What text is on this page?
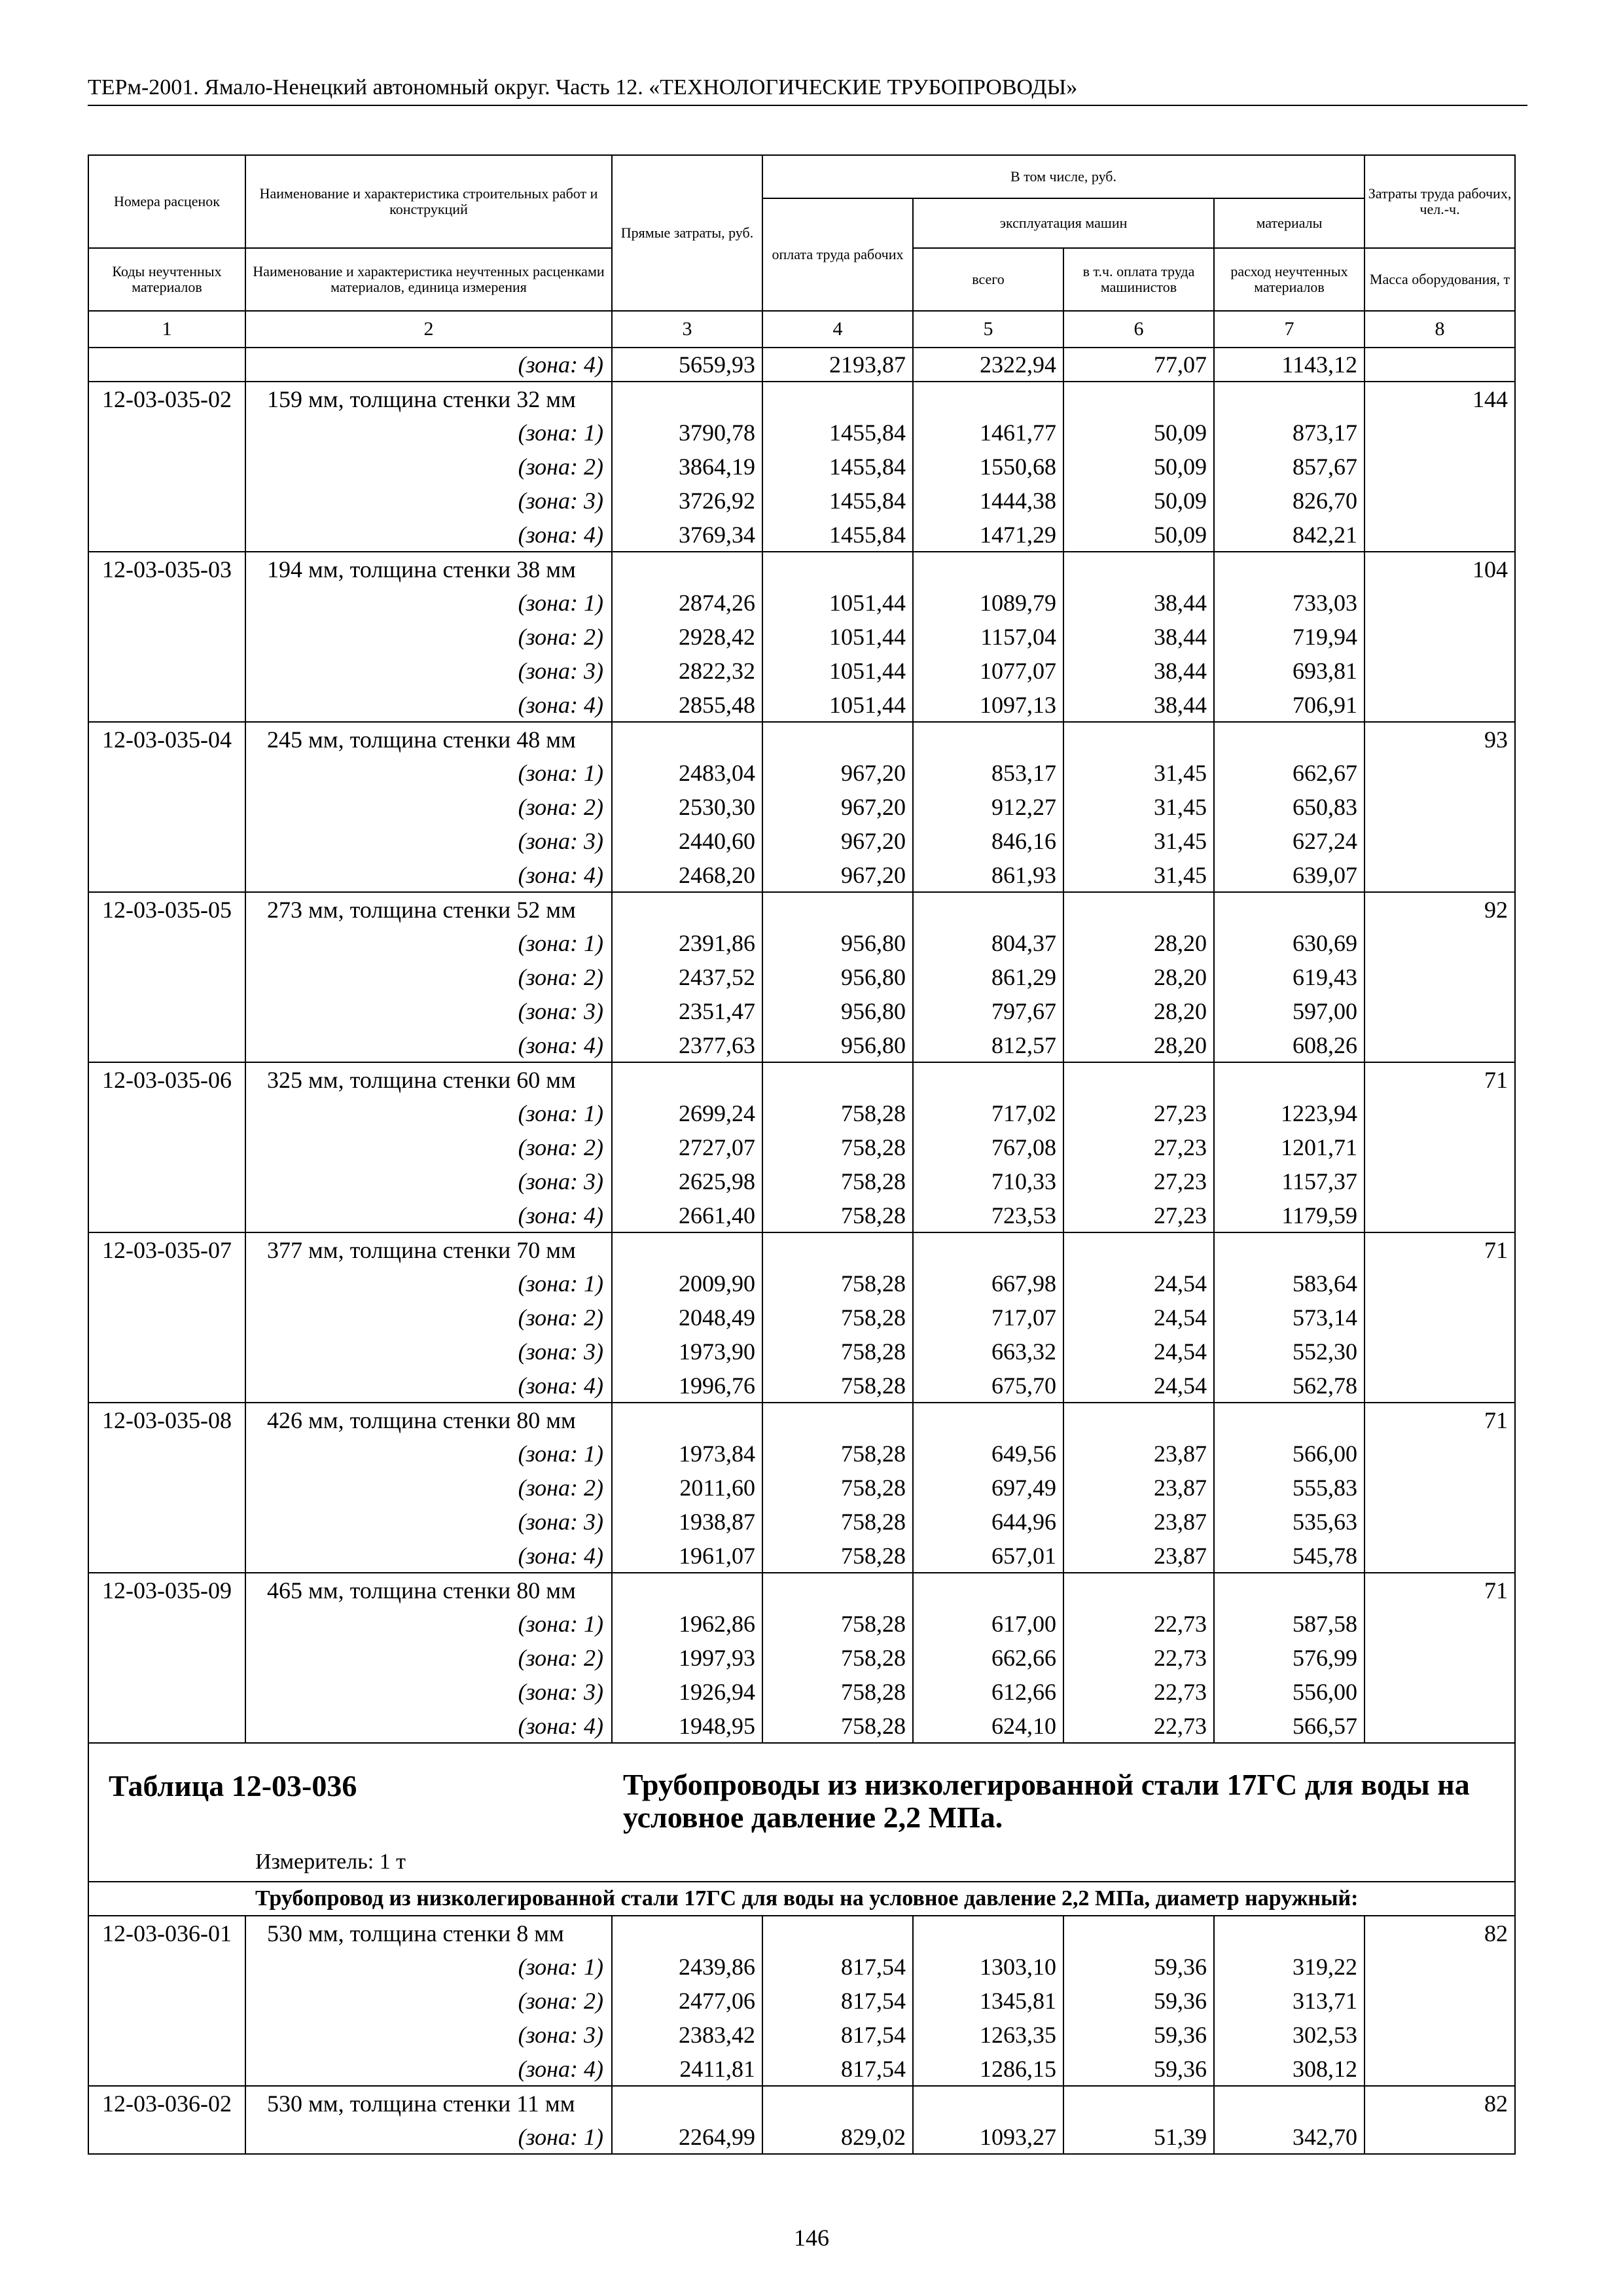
ТЕРм-2001. Ямало-Ненецкий автономный округ. Часть 12. «ТЕХНОЛОГИЧЕСКИЕ ТРУБОПРОВОДЫ»
Номера расценок	Наименование и характеристика строительных работ и конструкций	Прямые затраты, руб.	В том числе, руб.				Затраты труда рабочих, чел.-ч.
			оплата труда рабочих	эксплуатация машин		материалы	
Коды неучтенных материалов	Наименование и характеристика неучтенных расценками материалов, единица измерения			всего	в т.ч. оплата труда машинистов	расход неучтенных материалов	Масса оборудования, т
1	2	3	4	5	6	7	8
	(зона: 4)	5659,93	2193,87	2322,94	77,07	1143,12	
12-03-035-02	159 мм, толщина стенки 32 мм						144
	(зона: 1)	3790,78	1455,84	1461,77	50,09	873,17	
	(зона: 2)	3864,19	1455,84	1550,68	50,09	857,67	
	(зона: 3)	3726,92	1455,84	1444,38	50,09	826,70	
	(зона: 4)	3769,34	1455,84	1471,29	50,09	842,21	
12-03-035-03	194 мм, толщина стенки 38 мм						104
	(зона: 1)	2874,26	1051,44	1089,79	38,44	733,03	
	(зона: 2)	2928,42	1051,44	1157,04	38,44	719,94	
	(зона: 3)	2822,32	1051,44	1077,07	38,44	693,81	
	(зона: 4)	2855,48	1051,44	1097,13	38,44	706,91	
12-03-035-04	245 мм, толщина стенки 48 мм						93
	(зона: 1)	2483,04	967,20	853,17	31,45	662,67	
	(зона: 2)	2530,30	967,20	912,27	31,45	650,83	
	(зона: 3)	2440,60	967,20	846,16	31,45	627,24	
	(зона: 4)	2468,20	967,20	861,93	31,45	639,07	
12-03-035-05	273 мм, толщина стенки 52 мм						92
	(зона: 1)	2391,86	956,80	804,37	28,20	630,69	
	(зона: 2)	2437,52	956,80	861,29	28,20	619,43	
	(зона: 3)	2351,47	956,80	797,67	28,20	597,00	
	(зона: 4)	2377,63	956,80	812,57	28,20	608,26	
12-03-035-06	325 мм, толщина стенки 60 мм						71
	(зона: 1)	2699,24	758,28	717,02	27,23	1223,94	
	(зона: 2)	2727,07	758,28	767,08	27,23	1201,71	
	(зона: 3)	2625,98	758,28	710,33	27,23	1157,37	
	(зона: 4)	2661,40	758,28	723,53	27,23	1179,59	
12-03-035-07	377 мм, толщина стенки 70 мм						71
	(зона: 1)	2009,90	758,28	667,98	24,54	583,64	
	(зона: 2)	2048,49	758,28	717,07	24,54	573,14	
	(зона: 3)	1973,90	758,28	663,32	24,54	552,30	
	(зона: 4)	1996,76	758,28	675,70	24,54	562,78	
12-03-035-08	426 мм, толщина стенки 80 мм						71
	(зона: 1)	1973,84	758,28	649,56	23,87	566,00	
	(зона: 2)	2011,60	758,28	697,49	23,87	555,83	
	(зона: 3)	1938,87	758,28	644,96	23,87	535,63	
	(зона: 4)	1961,07	758,28	657,01	23,87	545,78	
12-03-035-09	465 мм, толщина стенки 80 мм						71
	(зона: 1)	1962,86	758,28	617,00	22,73	587,58	
	(зона: 2)	1997,93	758,28	662,66	22,73	576,99	
	(зона: 3)	1926,94	758,28	612,66	22,73	556,00	
	(зона: 4)	1948,95	758,28	624,10	22,73	566,57	

Таблица 12-03-036 Трубопроводы из низколегированной стали 17ГС для воды на условное давление 2,2 МПа.
Измеритель: 1 т							

Трубопровод из низколегированной стали 17ГС для воды на условное давление 2,2 МПа, диаметр наружный:							
12-03-036-01	530 мм, толщина стенки 8 мм						82
	(зона: 1)	2439,86	817,54	1303,10	59,36	319,22	
	(зона: 2)	2477,06	817,54	1345,81	59,36	313,71	
	(зона: 3)	2383,42	817,54	1263,35	59,36	302,53	
	(зона: 4)	2411,81	817,54	1286,15	59,36	308,12	
12-03-036-02	530 мм, толщина стенки 11 мм						82
	(зона: 1)	2264,99	829,02	1093,27	51,39	342,70	
146
